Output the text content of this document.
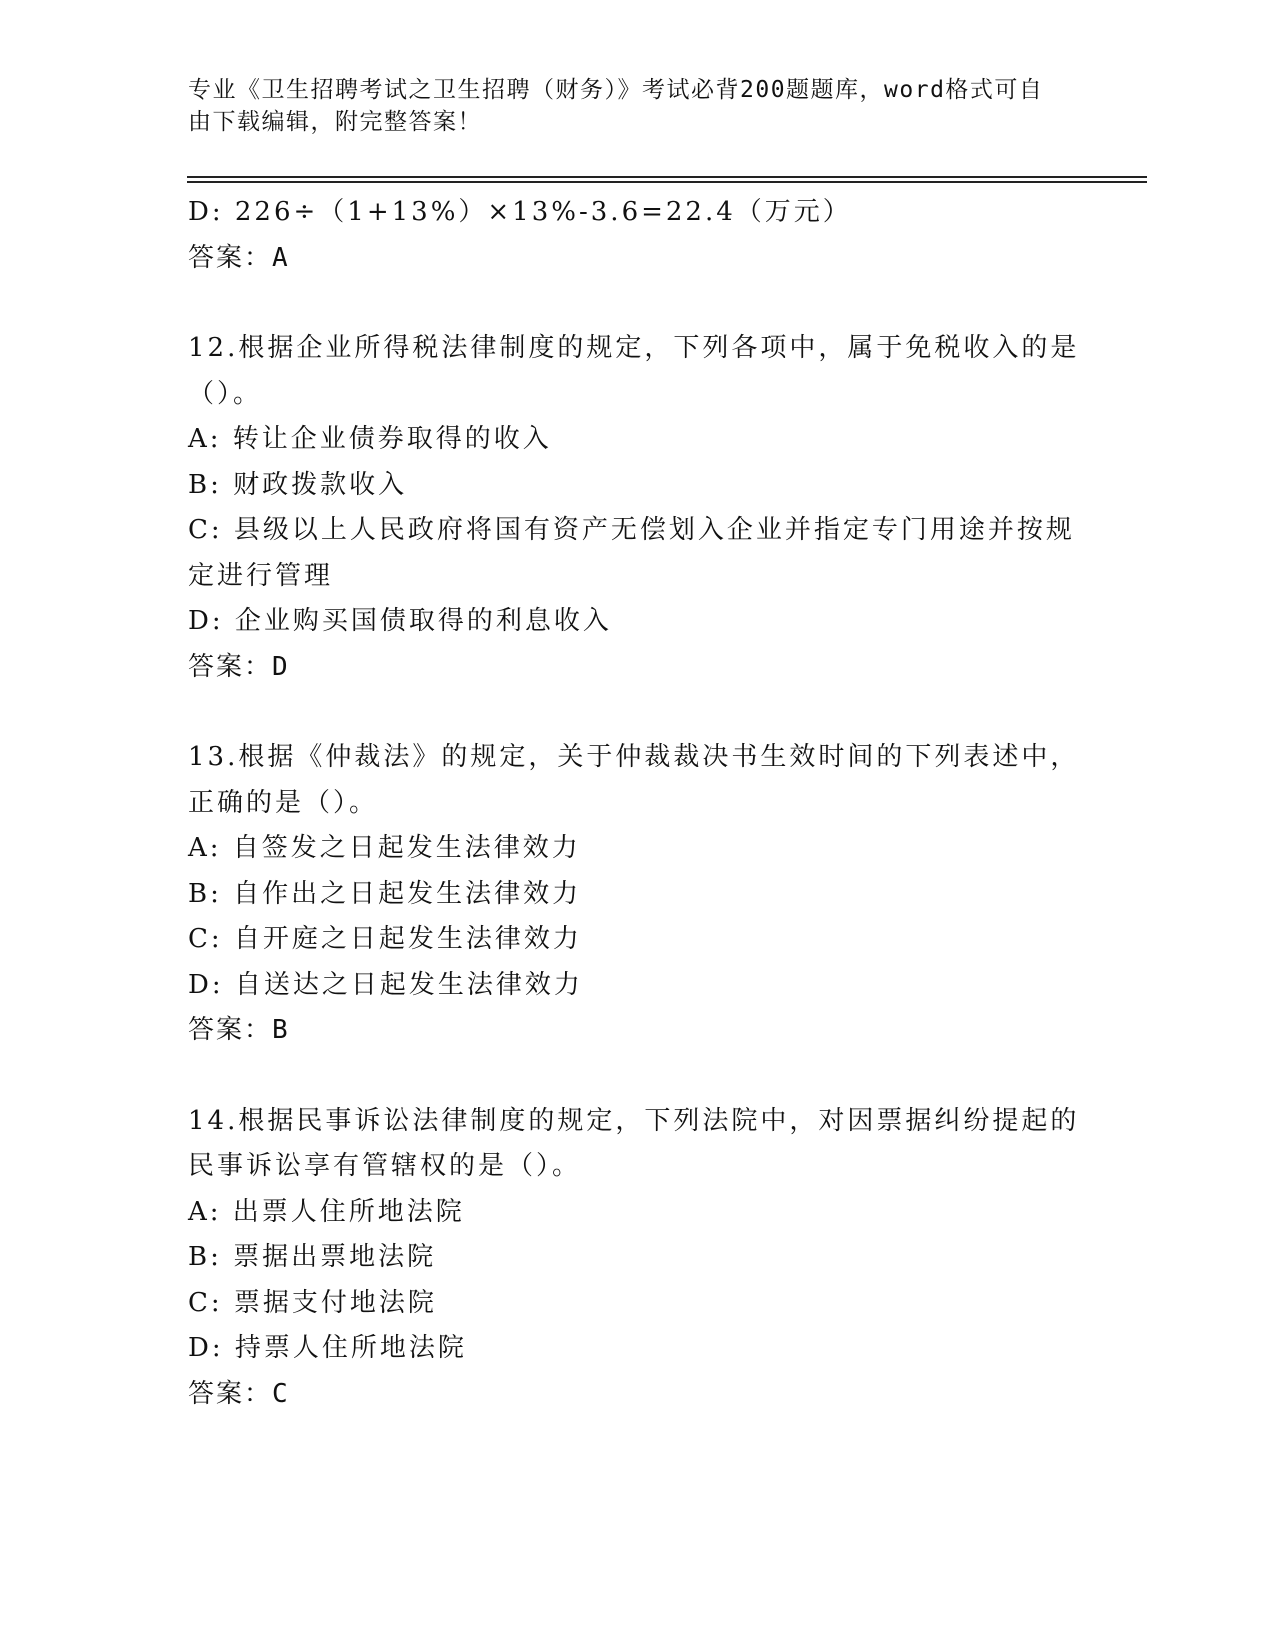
专业《卫生招聘考试之卫生招聘（财务）》考试必背200题题库，word格式可自
由下载编辑，附完整答案！
D: 226÷（1+13%）×13%-3.6=22.4（万元）
答案：A
12.根据企业所得税法律制度的规定，下列各项中，属于免税收入的是
（）。
A: 转让企业债券取得的收入
B: 财政拨款收入
C: 县级以上人民政府将国有资产无偿划入企业并指定专门用途并按规
定进行管理
D: 企业购买国债取得的利息收入
答案：D
13.根据《仲裁法》的规定，关于仲裁裁决书生效时间的下列表述中，
正确的是（）。
A: 自签发之日起发生法律效力
B: 自作出之日起发生法律效力
C: 自开庭之日起发生法律效力
D: 自送达之日起发生法律效力
答案：B
14.根据民事诉讼法律制度的规定，下列法院中，对因票据纠纷提起的
民事诉讼享有管辖权的是（）。
A: 出票人住所地法院
B: 票据出票地法院
C: 票据支付地法院
D: 持票人住所地法院
答案：C
